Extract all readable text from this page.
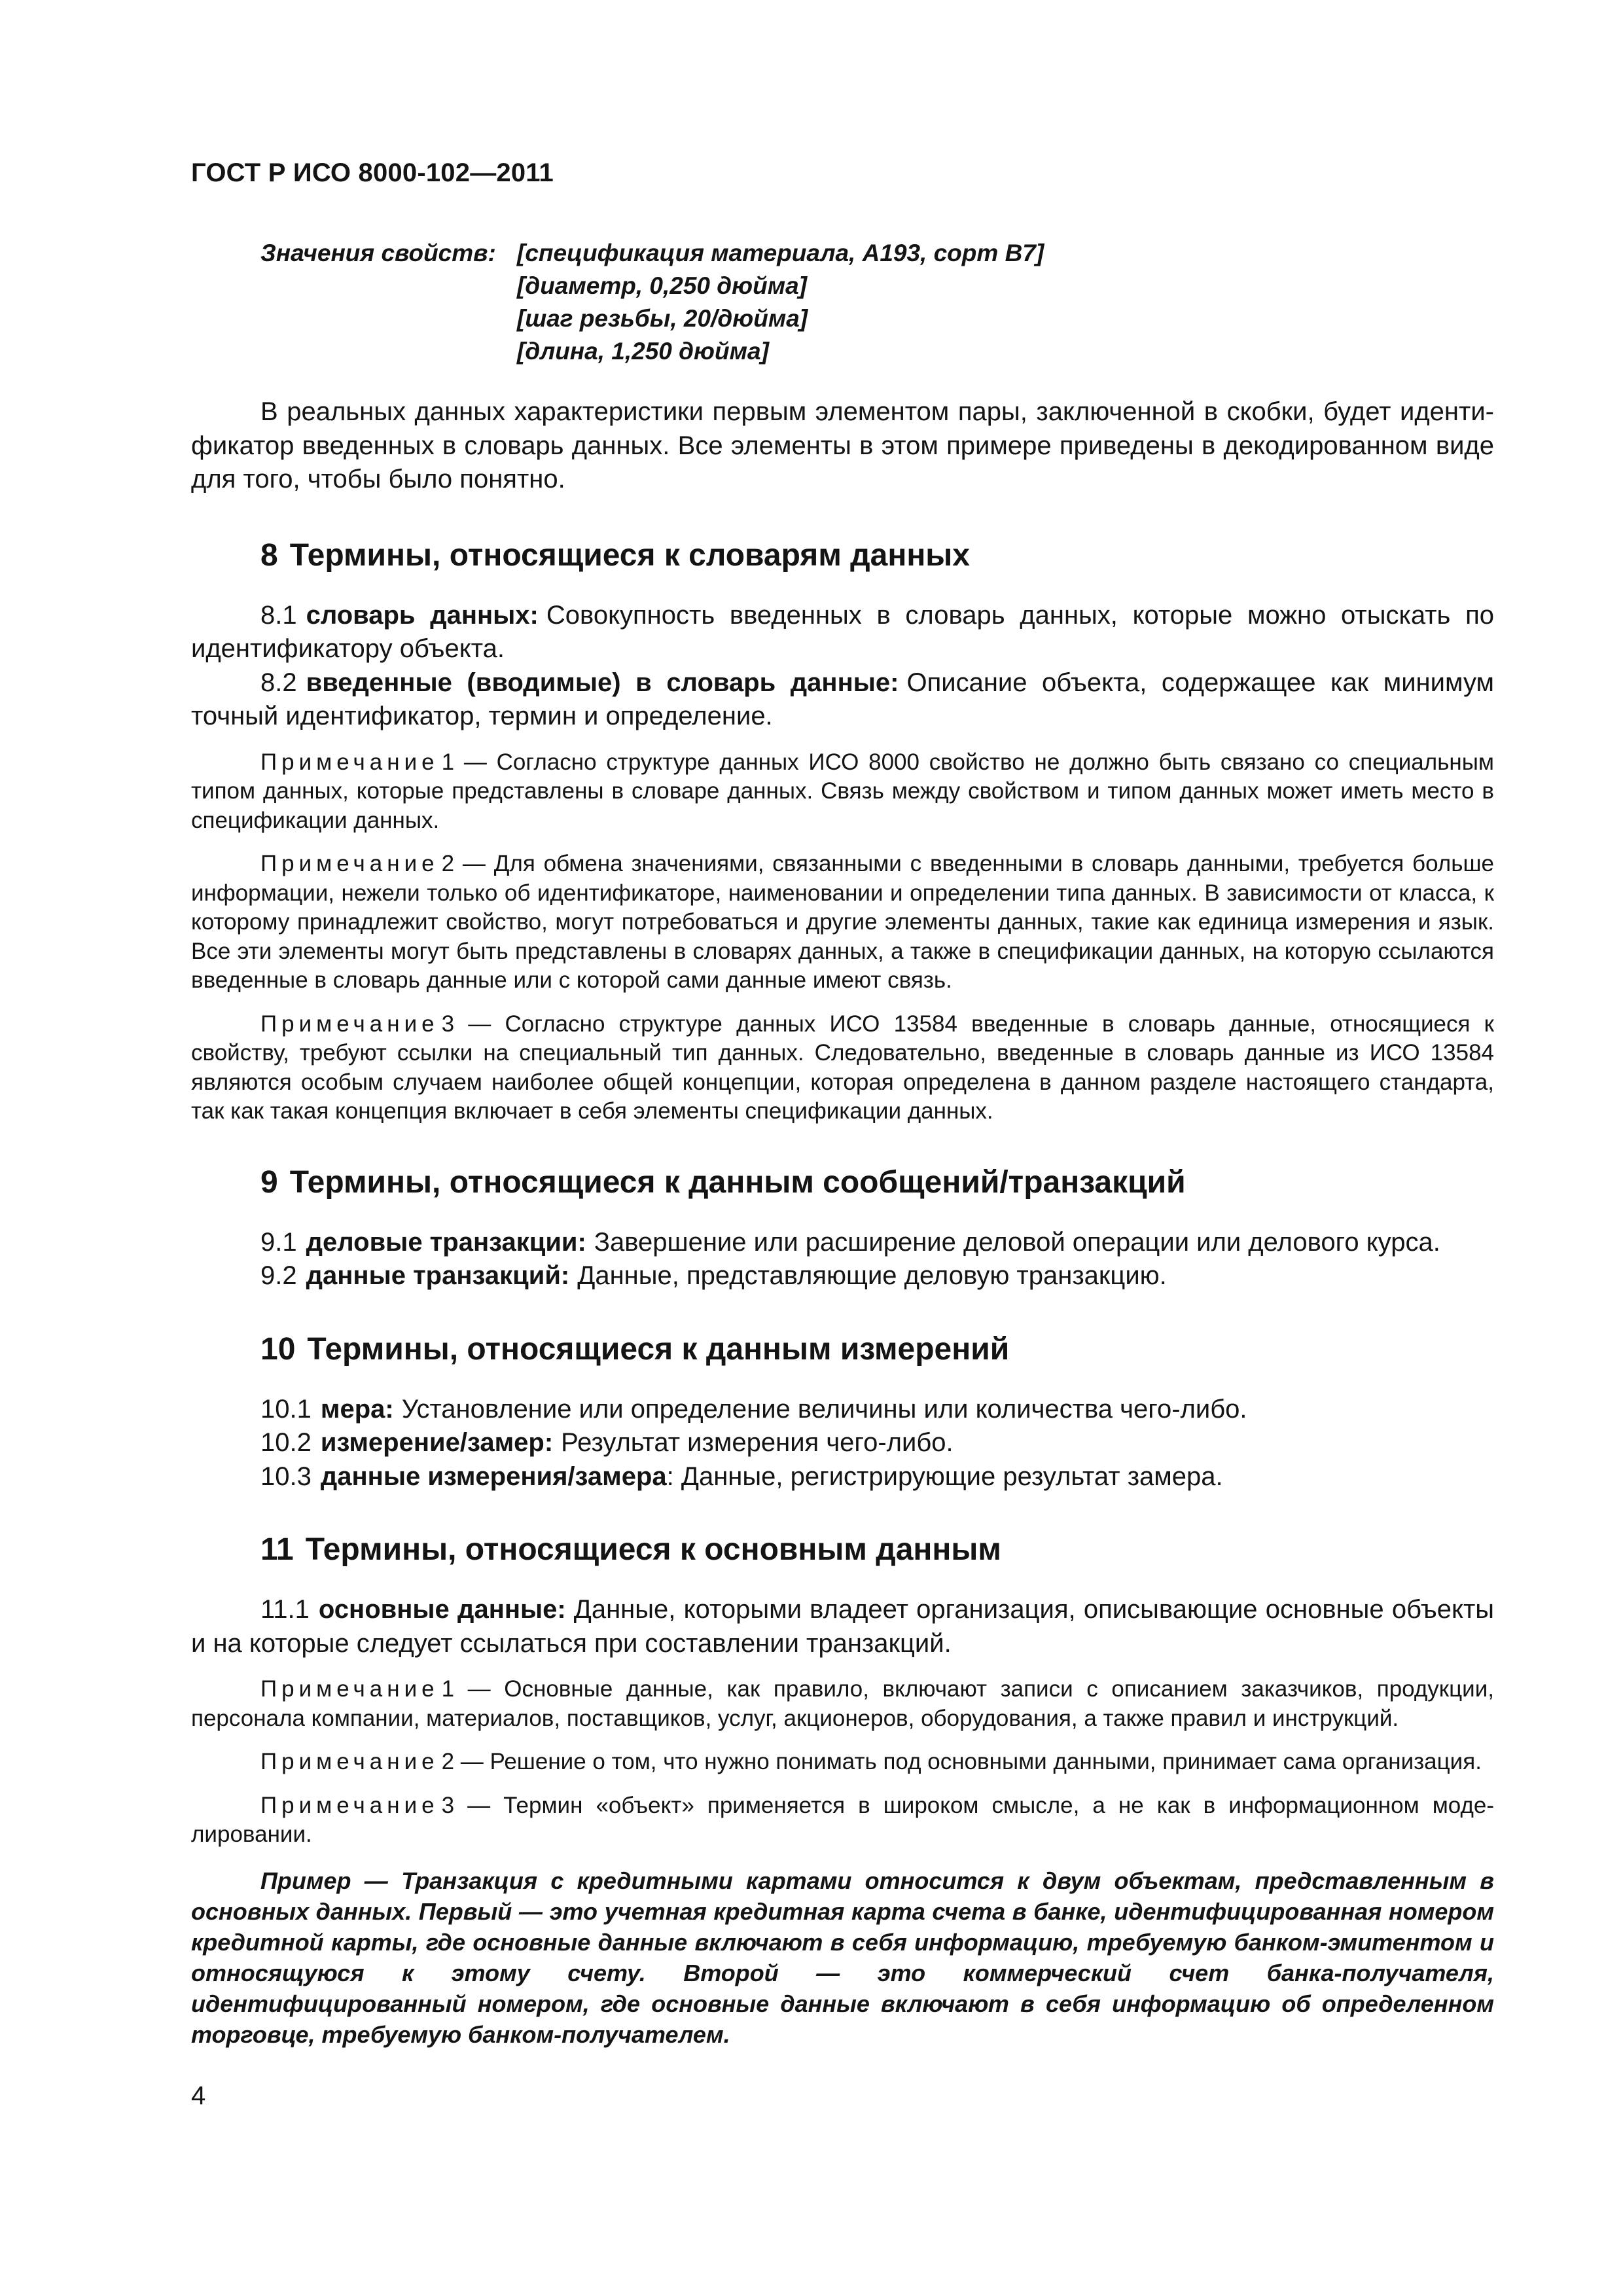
ГОСТ Р ИСО 8000-102—2011
Значения свойств: [спецификация материала, А193, сорт В7]
[диаметр, 0,250 дюйма]
[шаг резьбы, 20/дюйма]
[длина, 1,250 дюйма]

В реальных данных характеристики первым элементом пары, заключенной в скобки, будет идентификатор введенных в словарь данных. Все элементы в этом примере приведены в декодированном виде для того, чтобы было понятно.

8 Термины, относящиеся к словарям данных

8.1 словарь данных: Совокупность введенных в словарь данных, которые можно отыскать по идентификатору объекта.

8.2 введенные (вводимые) в словарь данные: Описание объекта, содержащее как минимум точный идентификатор, термин и определение.

Примечание 1 — Согласно структуре данных ИСО 8000 свойство не должно быть связано со специальным типом данных, которые представлены в словаре данных. Связь между свойством и типом данных может иметь место в спецификации данных.

Примечание 2 — Для обмена значениями, связанными с введенными в словарь данными, требуется больше информации, нежели только об идентификаторе, наименовании и определении типа данных. В зависимости от класса, к которому принадлежит свойство, могут потребоваться и другие элементы данных, такие как единица измерения и язык. Все эти элементы могут быть представлены в словарях данных, а также в спецификации данных, на которую ссылаются введенные в словарь данные или с которой сами данные имеют связь.

Примечание 3 — Согласно структуре данных ИСО 13584 введенные в словарь данные, относящиеся к свойству, требуют ссылки на специальный тип данных. Следовательно, введенные в словарь данные из ИСО 13584 являются особым случаем наиболее общей концепции, которая определена в данном разделе настоящего стандарта, так как такая концепция включает в себя элементы спецификации данных.

9 Термины, относящиеся к данным сообщений/транзакций

9.1 деловые транзакции: Завершение или расширение деловой операции или делового курса.

9.2 данные транзакций: Данные, представляющие деловую транзакцию.

10 Термины, относящиеся к данным измерений

10.1 мера: Установление или определение величины или количества чего-либо.

10.2 измерение/замер: Результат измерения чего-либо.

10.3 данные измерения/замера: Данные, регистрирующие результат замера.

11 Термины, относящиеся к основным данным

11.1 основные данные: Данные, которыми владеет организация, описывающие основные объекты и на которые следует ссылаться при составлении транзакций.

Примечание 1 — Основные данные, как правило, включают записи с описанием заказчиков, продукции, персонала компании, материалов, поставщиков, услуг, акционеров, оборудования, а также правил и инструкций.

Примечание 2 — Решение о том, что нужно понимать под основными данными, принимает сама организация.

Примечание 3 — Термин «объект» применяется в широком смысле, а не как в информационном моделировании.

Пример — Транзакция с кредитными картами относится к двум объектам, представленным в основных данных. Первый — это учетная кредитная карта счета в банке, идентифицированная номером кредитной карты, где основные данные включают в себя информацию, требуемую банком-эмитентом и относящуюся к этому счету. Второй — это коммерческий счет банка-получателя, идентифицированный номером, где основные данные включают в себя информацию об определенном торговце, требуемую банком-получателем.

4
